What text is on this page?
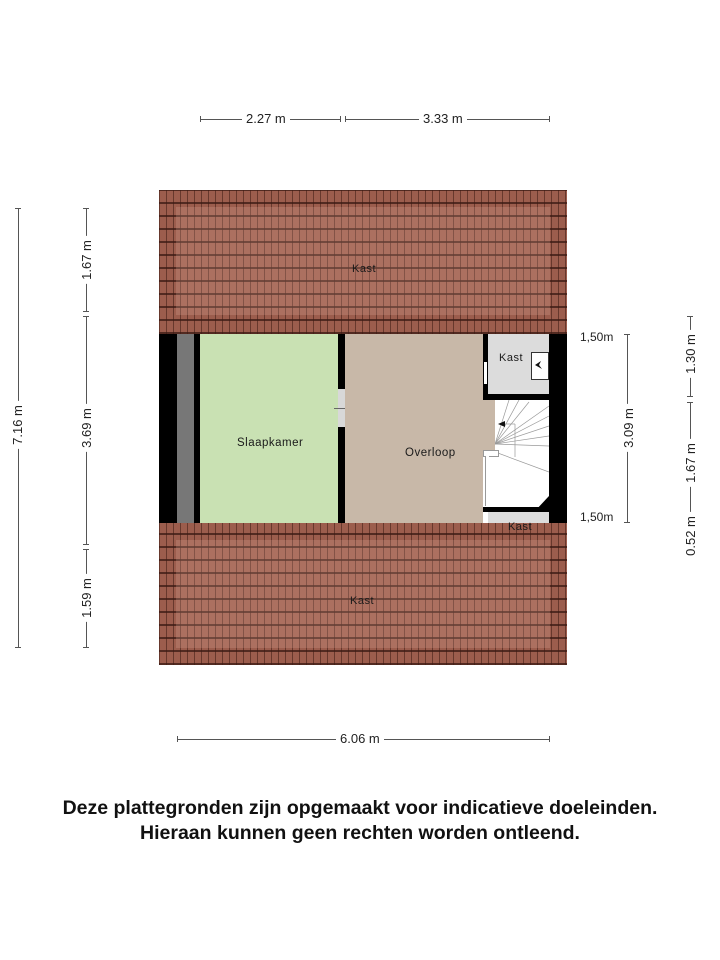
2.27 m	3.33 m
7.16 m
1.67 m
3.69 m
1.59 m
Kast
Slaapkamer
Overloop
Kast
Kast
Kast
1,50m
3.09 m
1,50m
1.30 m
1.67 m
0.52 m
6.06 m
Deze plattegronden zijn opgemaakt voor indicatieve doeleinden.
Hieraan kunnen geen rechten worden ontleend.
